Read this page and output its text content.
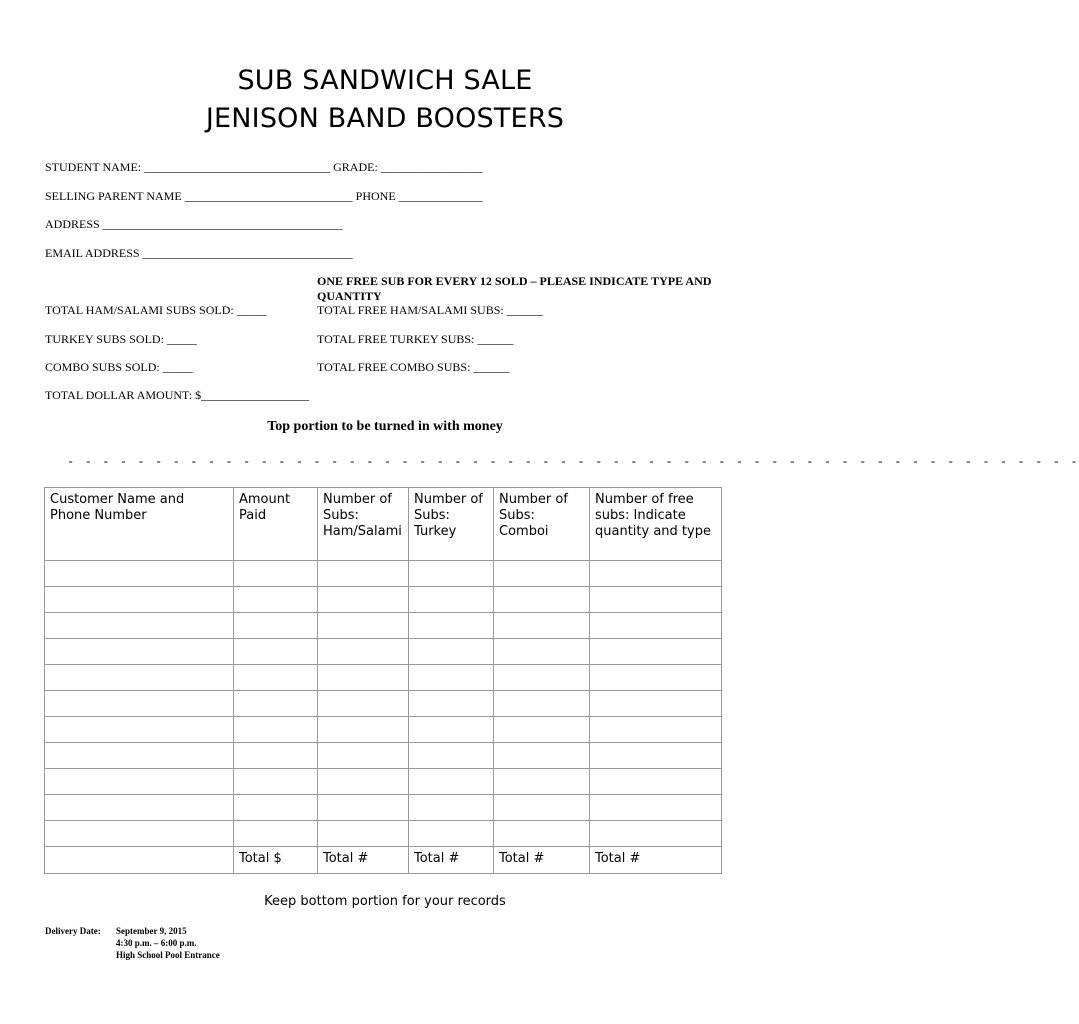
SUB SANDWICH SALE
JENISON BAND BOOSTERS
STUDENT NAME: _______________________________ GRADE: _________________
SELLING PARENT NAME ____________________________ PHONE ______________
ADDRESS ________________________________________
EMAIL ADDRESS ___________________________________
ONE FREE SUB FOR EVERY 12 SOLD – PLEASE INDICATE TYPE AND QUANTITY
TOTAL HAM/SALAMI SUBS SOLD: _____	TOTAL FREE HAM/SALAMI SUBS: ______
TURKEY SUBS SOLD: _____	TOTAL FREE TURKEY SUBS: ______
COMBO SUBS SOLD: _____	TOTAL FREE COMBO SUBS: ______
TOTAL DOLLAR AMOUNT: $__________________
Top portion to be turned in with money
- - - - - - - - - - - - - - - - - - - - - - - - - - - - - - - - - - - - - - - - - - - - - - - - - - - - - - - - - -
Customer Name and Phone Number	Amount Paid	Number of Subs: Ham/Salami	Number of Subs: Turkey	Number of Subs: Comboi	Number of free subs: Indicate quantity and type

	Total $	Total #	Total #	Total #	Total #
Keep bottom portion for your records
Delivery Date: September 9, 2015
4:30 p.m. – 6:00 p.m.
High School Pool Entrance
